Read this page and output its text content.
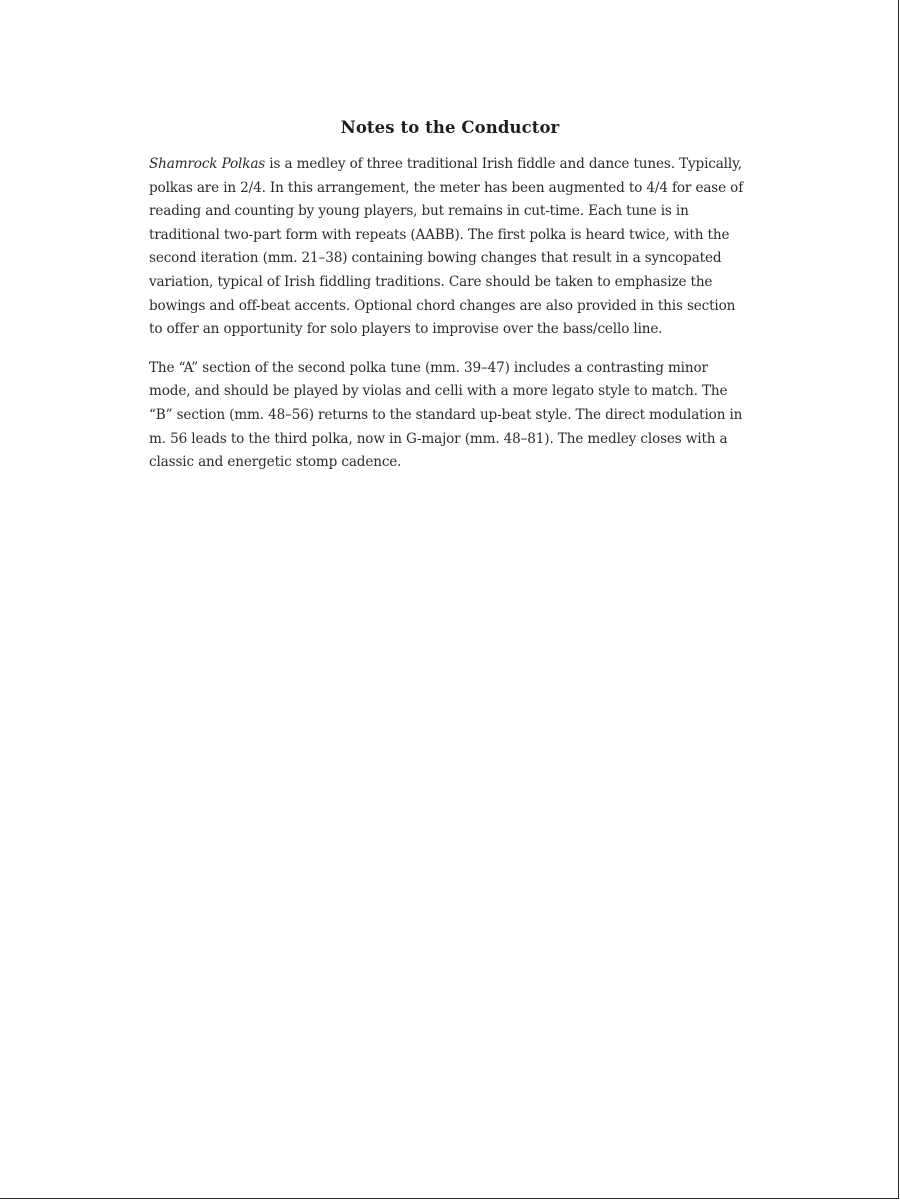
Notes to the Conductor

Shamrock Polkas is a medley of three traditional Irish fiddle and dance tunes. Typically, polkas are in 2/4. In this arrangement, the meter has been augmented to 4/4 for ease of reading and counting by young players, but remains in cut-time. Each tune is in traditional two-part form with repeats (AABB). The first polka is heard twice, with the second iteration (mm. 21–38) containing bowing changes that result in a syncopated variation, typical of Irish fiddling traditions. Care should be taken to emphasize the bowings and off-beat accents. Optional chord changes are also provided in this section to offer an opportunity for solo players to improvise over the bass/cello line.

The “A” section of the second polka tune (mm. 39–47) includes a contrasting minor mode, and should be played by violas and celli with a more legato style to match. The “B” section (mm. 48–56) returns to the standard up-beat style. The direct modulation in m. 56 leads to the third polka, now in G-major (mm. 48–81). The medley closes with a classic and energetic stomp cadence.
